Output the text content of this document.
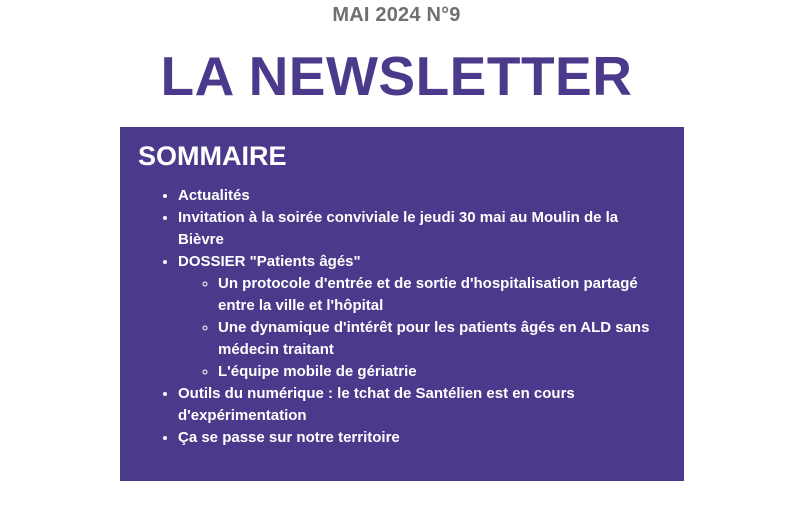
MAI 2024 N°9
LA NEWSLETTER
SOMMAIRE
• Actualités
• Invitation à la soirée conviviale le jeudi 30 mai au Moulin de la Bièvre
• DOSSIER "Patients âgés"
◦ Un protocole d'entrée et de sortie d'hospitalisation partagé entre la ville et l'hôpital
◦ Une dynamique d'intérêt pour les patients âgés en ALD sans médecin traitant
◦ L'équipe mobile de gériatrie
• Outils du numérique : le tchat de Santélien est en cours d'expérimentation
• Ça se passe sur notre territoire
